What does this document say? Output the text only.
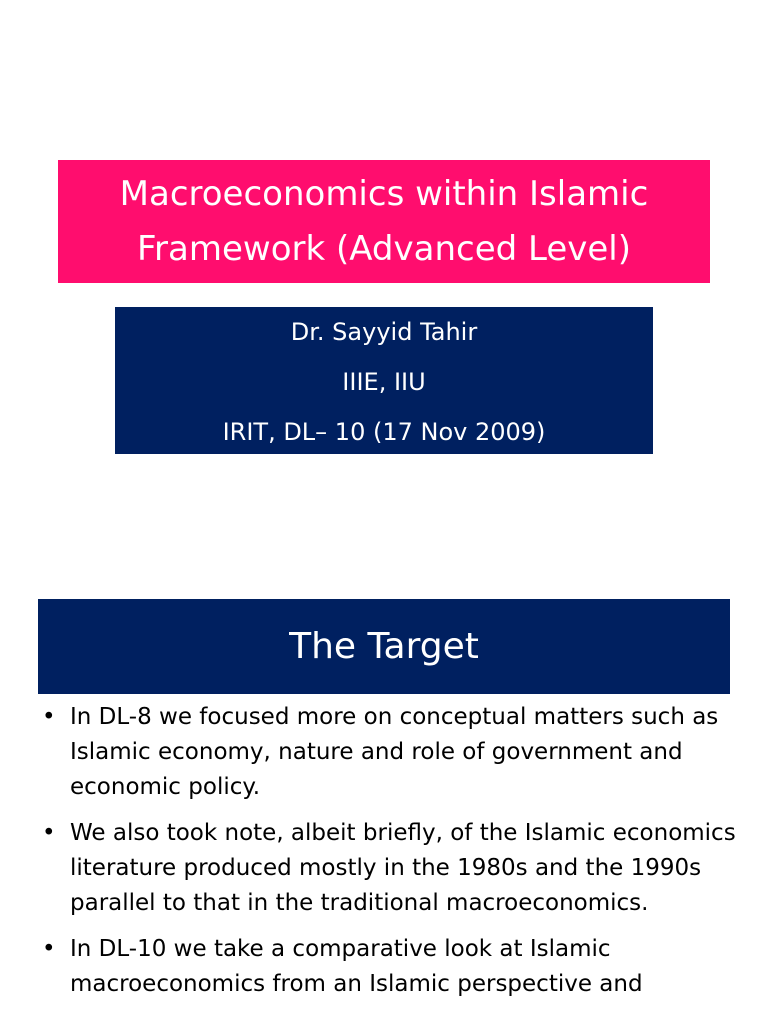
Macroeconomics within Islamic
Framework (Advanced Level)
Dr. Sayyid Tahir
IIIE, IIU
IRIT, DL– 10 (17 Nov 2009)
The Target
• In DL-8 we focused more on conceptual matters such as Islamic economy, nature and role of government and economic policy.
• We also took note, albeit briefly, of the Islamic economics literature produced mostly in the 1980s and the 1990s parallel to that in the traditional macroeconomics.
• In DL-10 we take a comparative look at Islamic macroeconomics from an Islamic perspective and
